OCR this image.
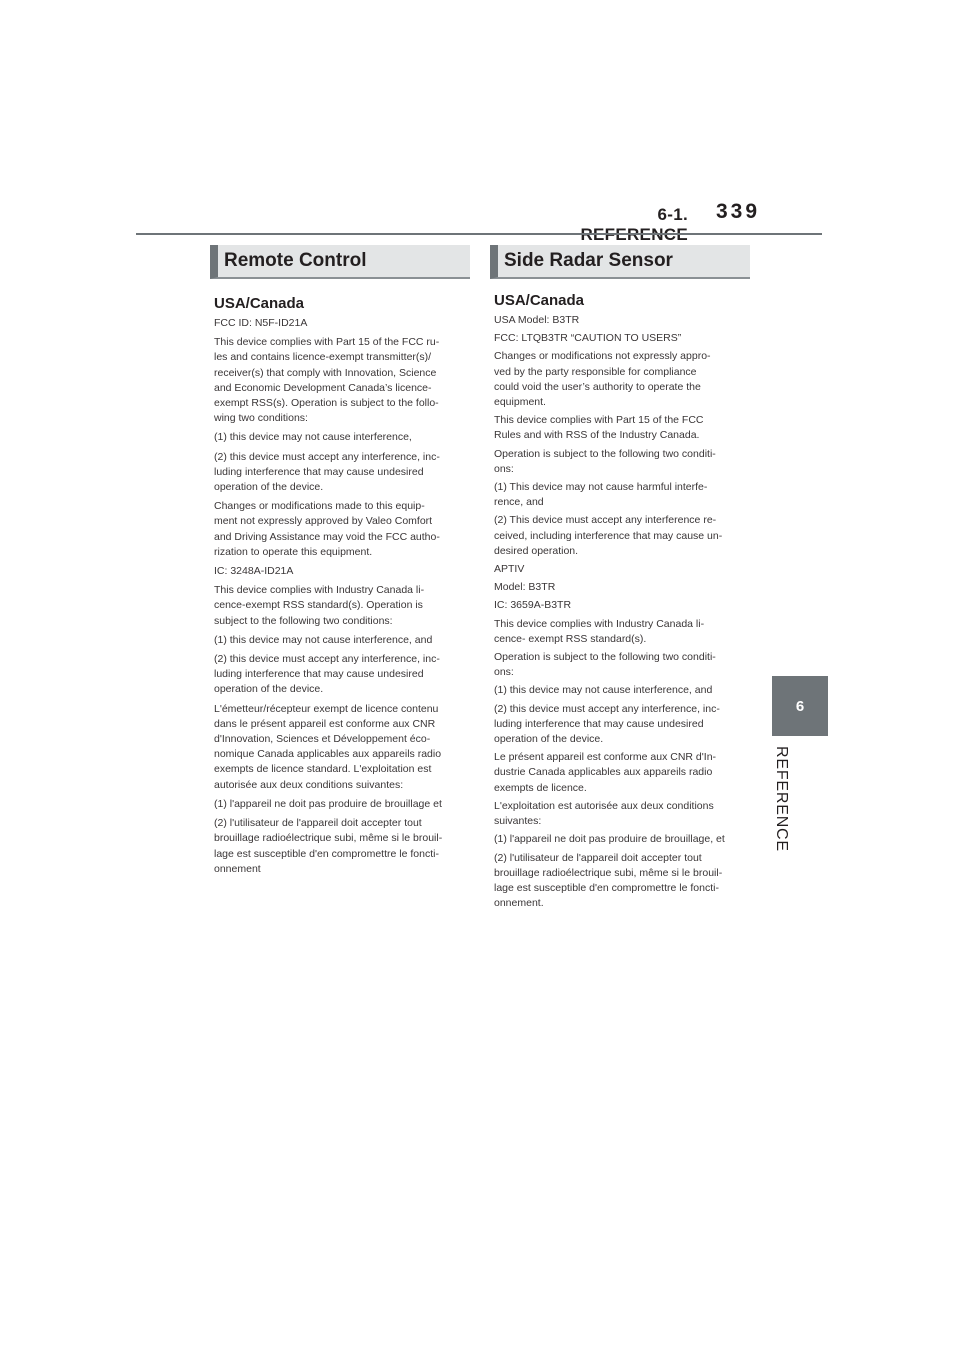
6-1. 339
6
REFERENCE
Remote Control
USA/Canada

FCC ID: N5F-ID21A

This device complies with Part 15 of the FCC ru-
les and contains licence-exempt transmitter(s)/
receiver(s) that comply with Innovation, Science
and Economic Development Canada’s licence-
exempt RSS(s). Operation is subject to the follo-
wing two conditions:

(1) this device may not cause interference,

(2) this device must accept any interference, inc-
luding interference that may cause undesired
operation of the device.

Changes or modifications made to this equip-
ment not expressly approved by Valeo Comfort
and Driving Assistance may void the FCC autho-
rization to operate this equipment.

IC: 3248A-ID21A

This device complies with Industry Canada li-
cence-exempt RSS standard(s). Operation is
subject to the following two conditions:

(1) this device may not cause interference, and

(2) this device must accept any interference, inc-
luding interference that may cause undesired
operation of the device.

L'émetteur/récepteur exempt de licence contenu
dans le présent appareil est conforme aux CNR
d'Innovation, Sciences et Développement éco-
nomique Canada applicables aux appareils radio
exempts de licence standard. L'exploitation est
autorisée aux deux conditions suivantes:

(1) l'appareil ne doit pas produire de brouillage et

(2) l'utilisateur de l'appareil doit accepter tout
brouillage radioélectrique subi, même si le brouil-
lage est susceptible d'en compromettre le foncti-
onnement

Side Radar Sensor
USA/Canada

USA Model: B3TR

FCC: LTQB3TR “CAUTION TO USERS”

Changes or modifications not expressly appro-
ved by the party responsible for compliance
could void the user’s authority to operate the
equipment.

This device complies with Part 15 of the FCC
Rules and with RSS of the Industry Canada.

Operation is subject to the following two conditi-
ons:

(1) This device may not cause harmful interfe-
rence, and

(2) This device must accept any interference re-
ceived, including interference that may cause un-
desired operation.

APTIV

Model: B3TR

IC: 3659A-B3TR

This device complies with Industry Canada li-
cence- exempt RSS standard(s).

Operation is subject to the following two conditi-
ons:

(1) this device may not cause interference, and

(2) this device must accept any interference, inc-
luding interference that may cause undesired
operation of the device.

Le présent appareil est conforme aux CNR d'In-
dustrie Canada applicables aux appareils radio
exempts de licence.

L'exploitation est autorisée aux deux conditions
suivantes:

(1) l'appareil ne doit pas produire de brouillage, et

(2) l'utilisateur de l'appareil doit accepter tout
brouillage radioélectrique subi, même si le brouil-
lage est susceptible d'en compromettre le foncti-
onnement.
